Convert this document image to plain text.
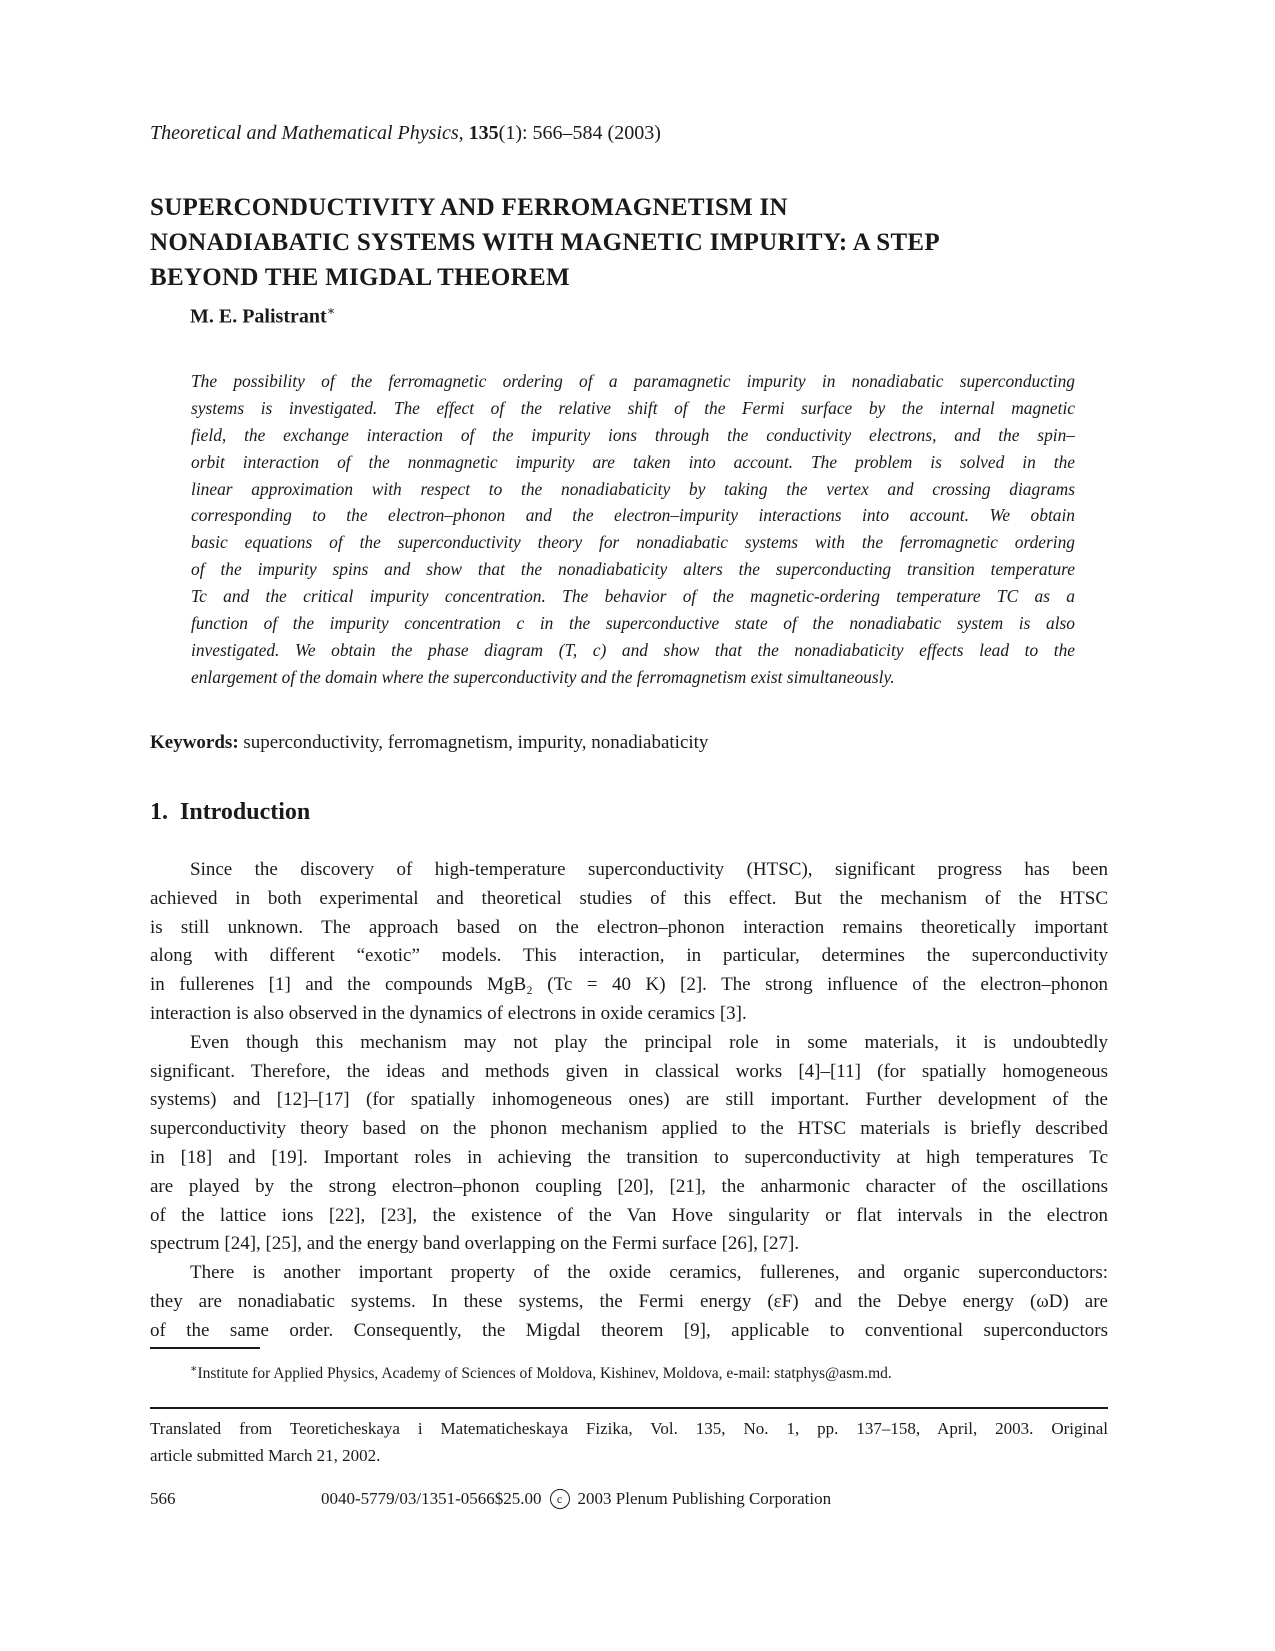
Theoretical and Mathematical Physics, 135(1): 566–584 (2003)
SUPERCONDUCTIVITY AND FERROMAGNETISM IN
NONADIABATIC SYSTEMS WITH MAGNETIC IMPURITY: A STEP
BEYOND THE MIGDAL THEOREM
M. E. Palistrant∗
The possibility of the ferromagnetic ordering of a paramagnetic impurity in nonadiabatic superconducting
systems is investigated. The effect of the relative shift of the Fermi surface by the internal magnetic
field, the exchange interaction of the impurity ions through the conductivity electrons, and the spin–
orbit interaction of the nonmagnetic impurity are taken into account. The problem is solved in the
linear approximation with respect to the nonadiabaticity by taking the vertex and crossing diagrams
corresponding to the electron–phonon and the electron–impurity interactions into account. We obtain
basic equations of the superconductivity theory for nonadiabatic systems with the ferromagnetic ordering
of the impurity spins and show that the nonadiabaticity alters the superconducting transition temperature
Tc and the critical impurity concentration. The behavior of the magnetic-ordering temperature TC as a
function of the impurity concentration c in the superconductive state of the nonadiabatic system is also
investigated. We obtain the phase diagram (T, c) and show that the nonadiabaticity effects lead to the
enlargement of the domain where the superconductivity and the ferromagnetism exist simultaneously.
Keywords: superconductivity, ferromagnetism, impurity, nonadiabaticity
1. Introduction
Since the discovery of high-temperature superconductivity (HTSC), significant progress has been
achieved in both experimental and theoretical studies of this effect. But the mechanism of the HTSC
is still unknown. The approach based on the electron–phonon interaction remains theoretically important
along with different “exotic” models. This interaction, in particular, determines the superconductivity
in fullerenes [1] and the compounds MgB₂ (Tc = 40 K) [2]. The strong influence of the electron–phonon
interaction is also observed in the dynamics of electrons in oxide ceramics [3].
Even though this mechanism may not play the principal role in some materials, it is undoubtedly
significant. Therefore, the ideas and methods given in classical works [4]–[11] (for spatially homogeneous
systems) and [12]–[17] (for spatially inhomogeneous ones) are still important. Further development of the
superconductivity theory based on the phonon mechanism applied to the HTSC materials is briefly described
in [18] and [19]. Important roles in achieving the transition to superconductivity at high temperatures Tc
are played by the strong electron–phonon coupling [20], [21], the anharmonic character of the oscillations
of the lattice ions [22], [23], the existence of the Van Hove singularity or flat intervals in the electron
spectrum [24], [25], and the energy band overlapping on the Fermi surface [26], [27].
There is another important property of the oxide ceramics, fullerenes, and organic superconductors:
they are nonadiabatic systems. In these systems, the Fermi energy (εF) and the Debye energy (ωD) are
of the same order. Consequently, the Migdal theorem [9], applicable to conventional superconductors
∗Institute for Applied Physics, Academy of Sciences of Moldova, Kishinev, Moldova, e-mail: statphys@asm.md.
Translated from Teoreticheskaya i Matematicheskaya Fizika, Vol. 135, No. 1, pp. 137–158, April, 2003. Original
article submitted March 21, 2002.
566	0040-5779/03/1351-0566$25.00 c 2003 Plenum Publishing Corporation
